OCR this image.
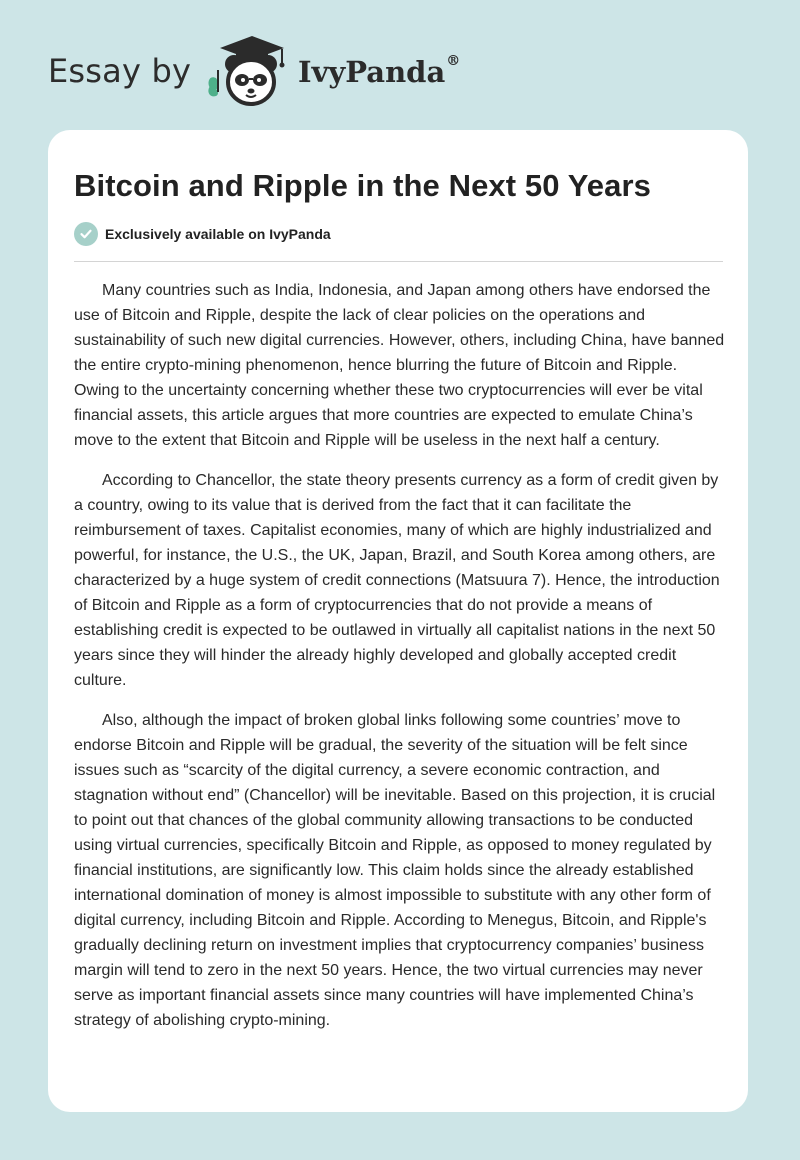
Essay by	IvyPanda®
Bitcoin and Ripple in the Next 50 Years
Exclusively available on IvyPanda

Many countries such as India, Indonesia, and Japan among others have endorsed the use of Bitcoin and Ripple, despite the lack of clear policies on the operations and sustainability of such new digital currencies. However, others, including China, have banned the entire crypto-mining phenomenon, hence blurring the future of Bitcoin and Ripple. Owing to the uncertainty concerning whether these two cryptocurrencies will ever be vital financial assets, this article argues that more countries are expected to emulate China’s move to the extent that Bitcoin and Ripple will be useless in the next half a century.

According to Chancellor, the state theory presents currency as a form of credit given by a country, owing to its value that is derived from the fact that it can facilitate the reimbursement of taxes. Capitalist economies, many of which are highly industrialized and powerful, for instance, the U.S., the UK, Japan, Brazil, and South Korea among others, are characterized by a huge system of credit connections (Matsuura 7). Hence, the introduction of Bitcoin and Ripple as a form of cryptocurrencies that do not provide a means of establishing credit is expected to be outlawed in virtually all capitalist nations in the next 50 years since they will hinder the already highly developed and globally accepted credit culture.

Also, although the impact of broken global links following some countries’ move to endorse Bitcoin and Ripple will be gradual, the severity of the situation will be felt since issues such as “scarcity of the digital currency, a severe economic contraction, and stagnation without end” (Chancellor) will be inevitable. Based on this projection, it is crucial to point out that chances of the global community allowing transactions to be conducted using virtual currencies, specifically Bitcoin and Ripple, as opposed to money regulated by financial institutions, are significantly low. This claim holds since the already established international domination of money is almost impossible to substitute with any other form of digital currency, including Bitcoin and Ripple. According to Menegus, Bitcoin, and Ripple's gradually declining return on investment implies that cryptocurrency companies’ business margin will tend to zero in the next 50 years. Hence, the two virtual currencies may never serve as important financial assets since many countries will have implemented China’s strategy of abolishing crypto-mining.
